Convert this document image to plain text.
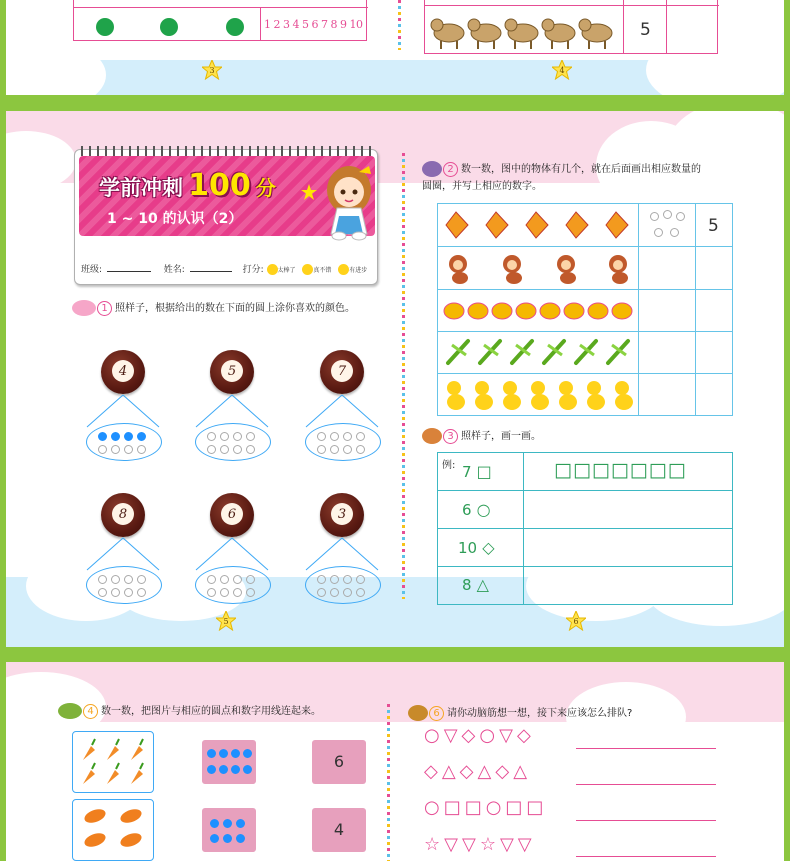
1 2 3 4 5 6 7 8 9 10	5
3	4
学前冲刺 100 分
1 ~ 10 的认识（2）
班级:	姓名:	打分: 太棒了	真不错	有进步
1 照样子，根据给出的数在下面的圆上涂你喜欢的颜色。
4	5	7
8	6	3
2 数一数，图中的物体有几个，就在后面画出相应数量的
圆圈，并写上相应的数字。
5
3 照样子，画一画。
例: 7 □	□□□□□□□
6 ○
10 ◇
8 △
5	6
4 数一数，把图片与相应的圆点和数字用线连起来。
6
4
6 请你动脑筋想一想，接下来应该怎么排队?
○▽◇○▽◇
◇△◇△◇△
○□□○□□
☆▽▽☆▽▽
